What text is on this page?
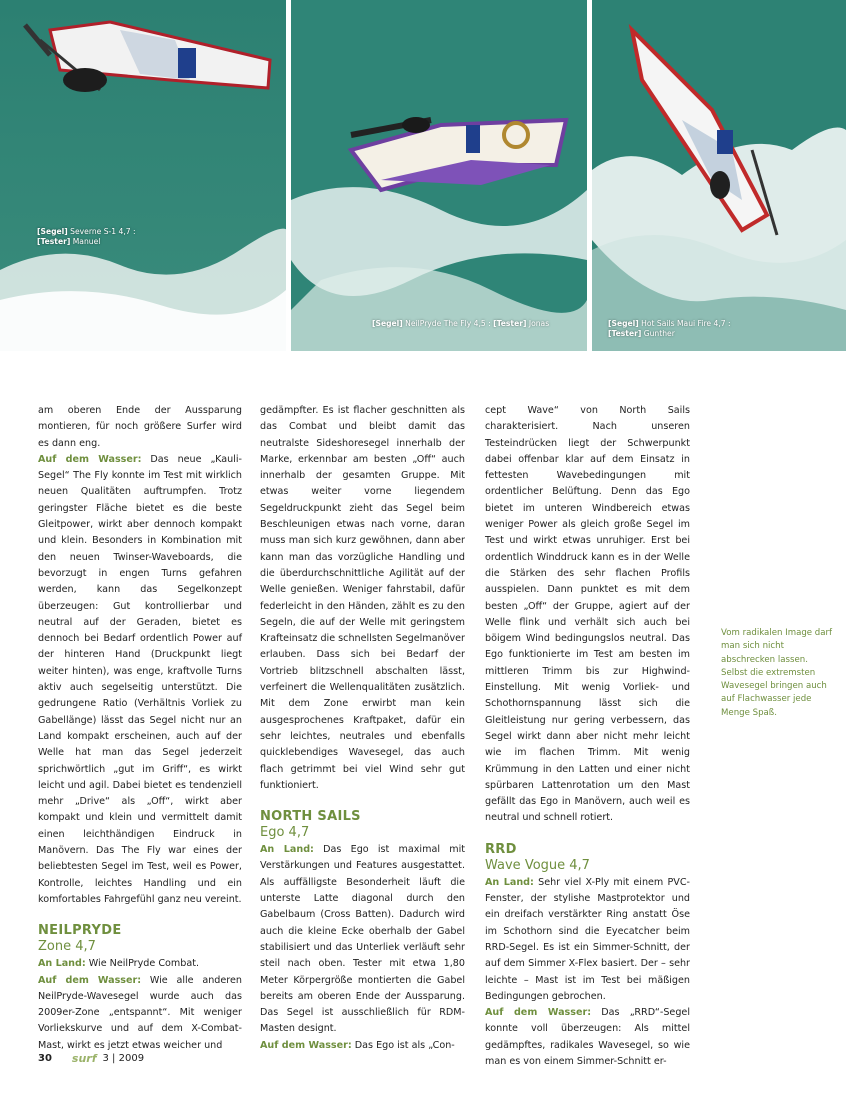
[Segel] Severne S-1 4,7 :
[Tester] Manuel
[Segel] NeilPryde The Fly 4,5 : [Tester] Jonas	[Segel] Hot Sails Maui Fire 4,7 :
[Tester] Gunther

am oberen Ende der Aussparung montieren, für noch größere Surfer wird es dann eng.

Auf dem Wasser: Das neue „Kauli-Segel“ The Fly konnte im Test mit wirklich neuen Qualitäten auftrumpfen. Trotz geringster Fläche bietet es die beste Gleitpower, wirkt aber dennoch kompakt und klein. Besonders in Kombination mit den neuen Twinser-Waveboards, die bevorzugt in engen Turns gefahren werden, kann das Segelkonzept überzeugen: Gut kontrollierbar und neutral auf der Geraden, bietet es dennoch bei Bedarf ordentlich Power auf der hinteren Hand (Druckpunkt liegt weiter hinten), was enge, kraftvolle Turns aktiv auch segelseitig unterstützt. Die gedrungene Ratio (Verhältnis Vorliek zu Gabellänge) lässt das Segel nicht nur an Land kompakt erscheinen, auch auf der Welle hat man das Segel jederzeit sprichwörtlich „gut im Griff“, es wirkt leicht und agil. Dabei bietet es tendenziell mehr „Drive“ als „Off“, wirkt aber kompakt und klein und vermittelt damit einen leichthändigen Eindruck in Manövern. Das The Fly war eines der beliebtesten Segel im Test, weil es Power, Kontrolle, leichtes Handling und ein komfortables Fahrgefühl ganz neu vereint.

NEILPRYDE
Zone 4,7

An Land: Wie NeilPryde Combat.

Auf dem Wasser: Wie alle anderen NeilPryde-Wavesegel wurde auch das 2009er-Zone „entspannt“. Mit weniger Vorliekskurve und auf dem X-Combat-Mast, wirkt es jetzt etwas weicher und

gedämpfter. Es ist flacher geschnitten als das Combat und bleibt damit das neutralste Sideshoresegel innerhalb der Marke, erkennbar am besten „Off“ auch innerhalb der gesamten Gruppe. Mit etwas weiter vorne liegendem Segeldruckpunkt zieht das Segel beim Beschleunigen etwas nach vorne, daran muss man sich kurz gewöhnen, dann aber kann man das vorzügliche Handling und die überdurchschnittliche Agilität auf der Welle genießen. Weniger fahrstabil, dafür federleicht in den Händen, zählt es zu den Segeln, die auf der Welle mit geringstem Krafteinsatz die schnellsten Segelmanöver erlauben. Dass sich bei Bedarf der Vortrieb blitzschnell abschalten lässt, verfeinert die Wellenqualitäten zusätzlich. Mit dem Zone erwirbt man kein ausgesprochenes Kraftpaket, dafür ein sehr leichtes, neutrales und ebenfalls quicklebendiges Wavesegel, das auch flach getrimmt bei viel Wind sehr gut funktioniert.

NORTH SAILS
Ego 4,7

An Land: Das Ego ist maximal mit Verstärkungen und Features ausgestattet. Als auffälligste Besonderheit läuft die unterste Latte diagonal durch den Gabelbaum (Cross Batten). Dadurch wird auch die kleine Ecke oberhalb der Gabel stabilisiert und das Unterliek verläuft sehr steil nach oben. Tester mit etwa 1,80 Meter Körpergröße montierten die Gabel bereits am oberen Ende der Aussparung. Das Segel ist ausschließlich für RDM-Masten designt.

Auf dem Wasser: Das Ego ist als „Con-

cept Wave“ von North Sails charakterisiert. Nach unseren Testeindrücken liegt der Schwerpunkt dabei offenbar klar auf dem Einsatz in fettesten Wavebedingungen mit ordentlicher Belüftung. Denn das Ego bietet im unteren Windbereich etwas weniger Power als gleich große Segel im Test und wirkt etwas unruhiger. Erst bei ordentlich Winddruck kann es in der Welle die Stärken des sehr flachen Profils ausspielen. Dann punktet es mit dem besten „Off“ der Gruppe, agiert auf der Welle flink und verhält sich auch bei böigem Wind bedingungslos neutral. Das Ego funktionierte im Test am besten im mittleren Trimm bis zur Highwind-Einstellung. Mit wenig Vorliek- und Schothornspannung lässt sich die Gleitleistung nur gering verbessern, das Segel wirkt dann aber nicht mehr leicht wie im flachen Trimm. Mit wenig Krümmung in den Latten und einer nicht spürbaren Lattenrotation um den Mast gefällt das Ego in Manövern, auch weil es neutral und schnell rotiert.

RRD
Wave Vogue 4,7

An Land: Sehr viel X-Ply mit einem PVC-Fenster, der stylishe Mastprotektor und ein dreifach verstärkter Ring anstatt Öse im Schothorn sind die Eyecatcher beim RRD-Segel. Es ist ein Simmer-Schnitt, der auf dem Simmer X-Flex basiert. Der – sehr leichte – Mast ist im Test bei mäßigen Bedingungen gebrochen.

Auf dem Wasser: Das „RRD“-Segel konnte voll überzeugen: Als mittel gedämpftes, radikales Wavesegel, so wie man es von einem Simmer-Schnitt er-

Vom radikalen Image darf man sich nicht abschrecken lassen. Selbst die extremsten Wavesegel bringen auch auf Flachwasser jede Menge Spaß.
30 surf 3 | 2009
